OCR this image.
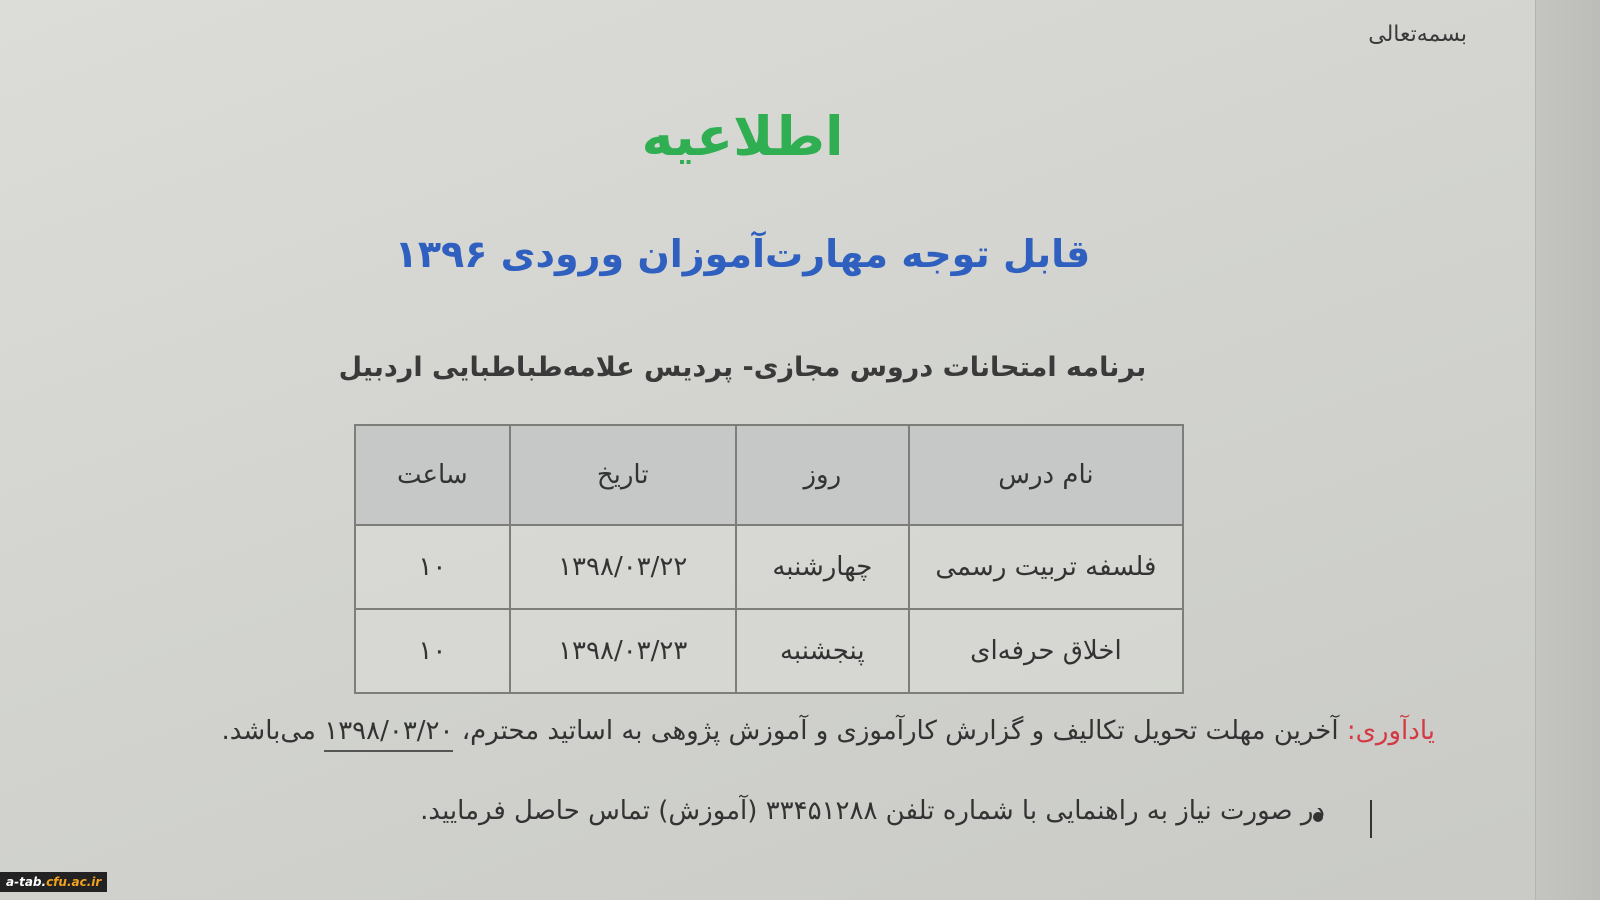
بسمه‌تعالی
اطلاعیه
قابل توجه مهارت‌آموزان ورودی ۱۳۹۶
برنامه امتحانات دروس مجازی- پردیس علامه‌طباطبایی اردبیل
نام درس	روز	تاریخ	ساعت
فلسفه تربیت رسمی	چهارشنبه	۱۳۹۸/۰۳/۲۲	۱۰
اخلاق حرفه‌ای	پنجشنبه	۱۳۹۸/۰۳/۲۳	۱۰
یادآوری: آخرین مهلت تحویل تکالیف و گزارش کارآموزی و آموزش پژوهی به اساتید محترم، ۱۳۹۸/۰۳/۲۰ می‌باشد.
در صورت نیاز به راهنمایی با شماره تلفن ۳۳۴۵۱۲۸۸ (آموزش) تماس حاصل فرمایید.
a-tab.cfu.ac.ir
